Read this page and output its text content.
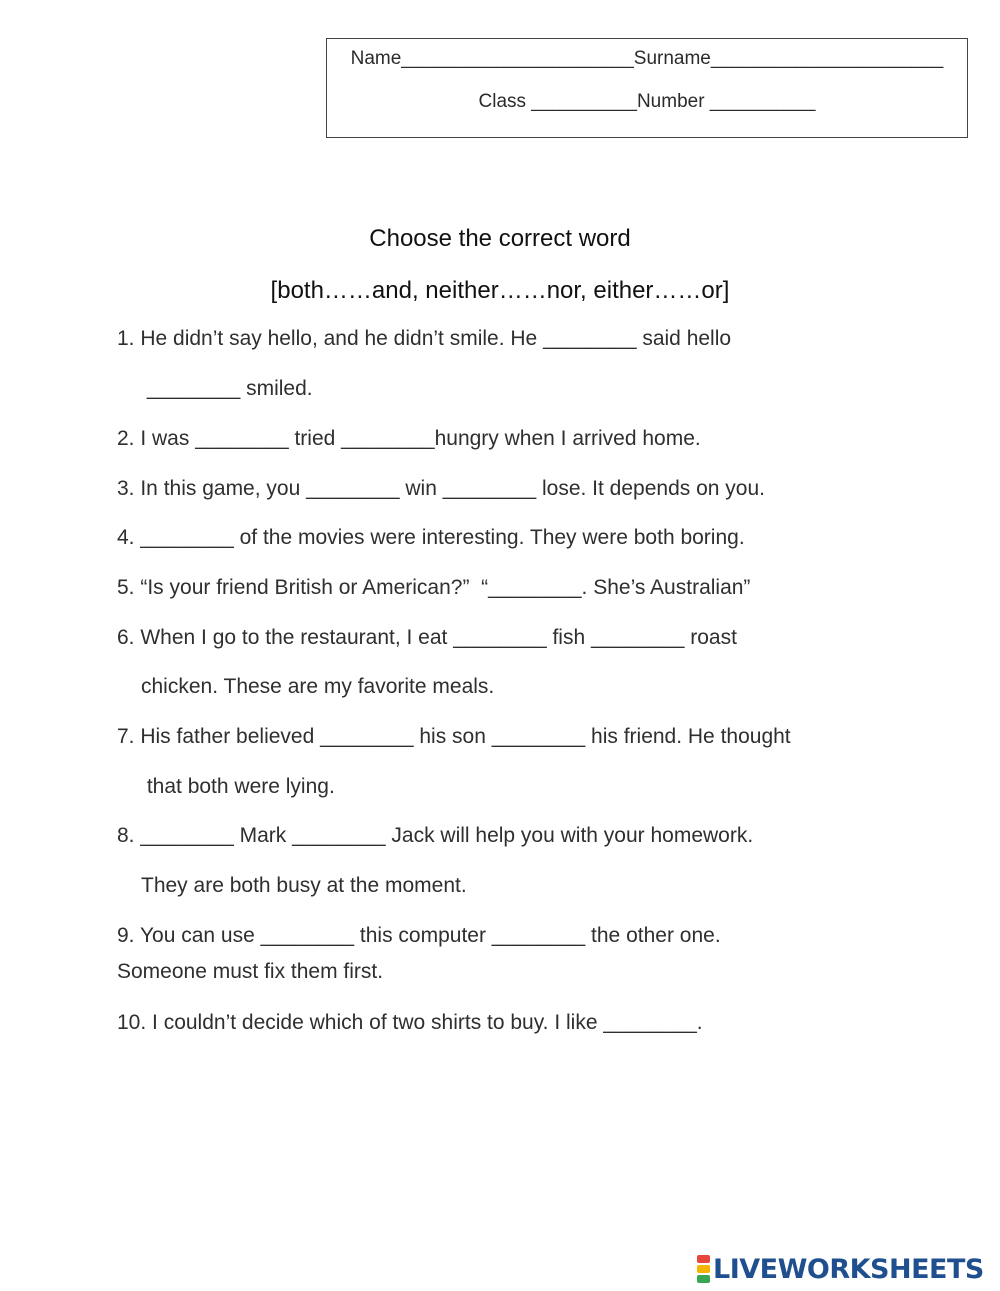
Name______________________Surname______________________
Class __________Number __________
Choose the correct word
[both……and, neither……nor, either……or]
1. He didn’t say hello, and he didn’t smile. He ________ said hello
________ smiled.
2. I was ________ tried ________hungry when I arrived home.
3. In this game, you ________ win ________ lose. It depends on you.
4. ________ of the movies were interesting. They were both boring.
5. “Is your friend British or American?”  “________. She’s Australian”
6. When I go to the restaurant, I eat ________ fish ________ roast
chicken. These are my favorite meals.
7. His father believed ________ his son ________ his friend. He thought
that both were lying.
8. ________ Mark ________ Jack will help you with your homework.
They are both busy at the moment.
9. You can use ________ this computer ________ the other one.
Someone must fix them first.
10. I couldn’t decide which of two shirts to buy. I like ________.
LIVEWORKSHEETS
